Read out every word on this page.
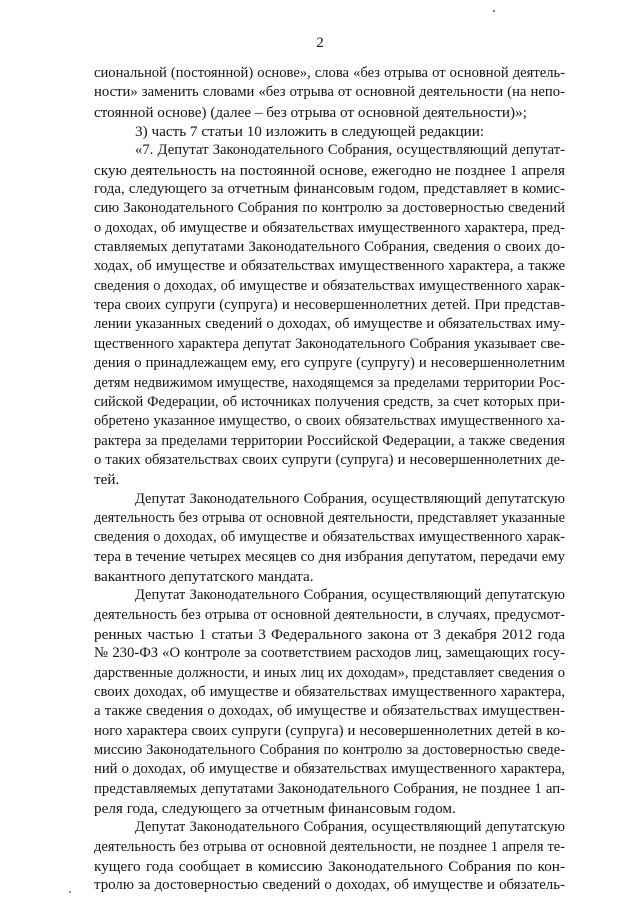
2
сиональной (постоянной) основе», слова «без отрыва от основной деятель-
ности» заменить словами «без отрыва от основной деятельности (на непо-
стоянной основе) (далее – без отрыва от основной деятельности)»;
3) часть 7 статьи 10 изложить в следующей редакции:
«7. Депутат Законодательного Собрания, осуществляющий депутат-
скую деятельность на постоянной основе, ежегодно не позднее 1 апреля
года, следующего за отчетным финансовым годом, представляет в комис-
сию Законодательного Собрания по контролю за достоверностью сведений
о доходах, об имуществе и обязательствах имущественного характера, пред-
ставляемых депутатами Законодательного Собрания, сведения о своих до-
ходах, об имуществе и обязательствах имущественного характера, а также
сведения о доходах, об имуществе и обязательствах имущественного харак-
тера своих супруги (супруга) и несовершеннолетних детей. При представ-
лении указанных сведений о доходах, об имуществе и обязательствах иму-
щественного характера депутат Законодательного Собрания указывает све-
дения о принадлежащем ему, его супруге (супругу) и несовершеннолетним
детям недвижимом имуществе, находящемся за пределами территории Рос-
сийской Федерации, об источниках получения средств, за счет которых при-
обретено указанное имущество, о своих обязательствах имущественного ха-
рактера за пределами территории Российской Федерации, а также сведения
о таких обязательствах своих супруги (супруга) и несовершеннолетних де-
тей.
Депутат Законодательного Собрания, осуществляющий депутатскую
деятельность без отрыва от основной деятельности, представляет указанные
сведения о доходах, об имуществе и обязательствах имущественного харак-
тера в течение четырех месяцев со дня избрания депутатом, передачи ему
вакантного депутатского мандата.
Депутат Законодательного Собрания, осуществляющий депутатскую
деятельность без отрыва от основной деятельности, в случаях, предусмот-
ренных частью 1 статьи 3 Федерального закона от 3 декабря 2012 года
№ 230-ФЗ «О контроле за соответствием расходов лиц, замещающих госу-
дарственные должности, и иных лиц их доходам», представляет сведения о
своих доходах, об имуществе и обязательствах имущественного характера,
а также сведения о доходах, об имуществе и обязательствах имуществен-
ного характера своих супруги (супруга) и несовершеннолетних детей в ко-
миссию Законодательного Собрания по контролю за достоверностью сведе-
ний о доходах, об имуществе и обязательствах имущественного характера,
представляемых депутатами Законодательного Собрания, не позднее 1 ап-
реля года, следующего за отчетным финансовым годом.
Депутат Законодательного Собрания, осуществляющий депутатскую
деятельность без отрыва от основной деятельности, не позднее 1 апреля те-
кущего года сообщает в комиссию Законодательного Собрания по кон-
тролю за достоверностью сведений о доходах, об имуществе и обязатель-
